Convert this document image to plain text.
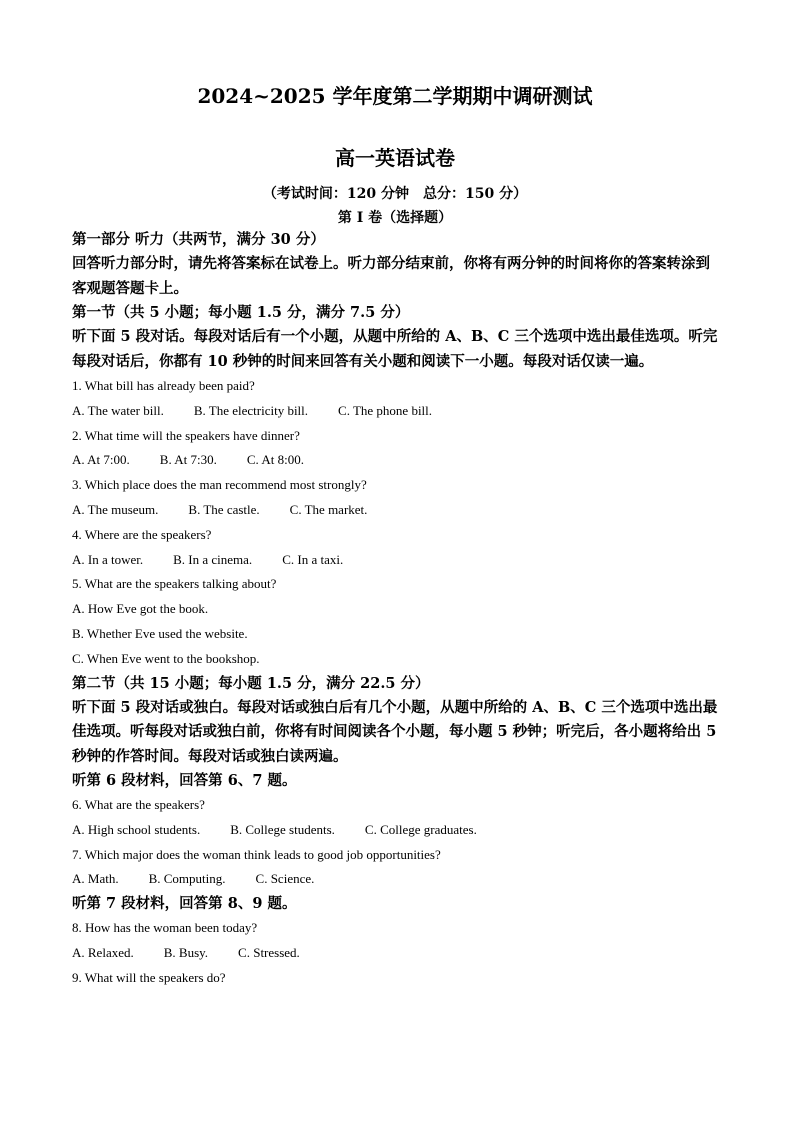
2024~2025 学年度第二学期期中调研测试

高一英语试卷

（考试时间：120 分钟　总分：150 分）

第 I 卷（选择题）

第一部分 听力（共两节，满分 30 分）

回答听力部分时，请先将答案标在试卷上。听力部分结束前，你将有两分钟的时间将你的答案转涂到客观题答题卡上。

第一节（共 5 小题；每小题 1.5 分，满分 7.5 分）

听下面 5 段对话。每段对话后有一个小题，从题中所给的 A、B、C 三个选项中选出最佳选项。听完每段对话后，你都有 10 秒钟的时间来回答有关小题和阅读下一小题。每段对话仅读一遍。

1. What bill has already been paid?

A. The water bill. B. The electricity bill. C. The phone bill.

2. What time will the speakers have dinner?

A. At 7:00. B. At 7:30. C. At 8:00.

3. Which place does the man recommend most strongly?

A. The museum. B. The castle. C. The market.

4. Where are the speakers?

A. In a tower. B. In a cinema. C. In a taxi.

5. What are the speakers talking about?

A. How Eve got the book.

B. Whether Eve used the website.

C. When Eve went to the bookshop.

第二节（共 15 小题；每小题 1.5 分，满分 22.5 分）

听下面 5 段对话或独白。每段对话或独白后有几个小题，从题中所给的 A、B、C 三个选项中选出最佳选项。听每段对话或独白前，你将有时间阅读各个小题，每小题 5 秒钟；听完后，各小题将给出 5 秒钟的作答时间。每段对话或独白读两遍。

听第 6 段材料，回答第 6、7 题。

6. What are the speakers?

A. High school students. B. College students. C. College graduates.

7. Which major does the woman think leads to good job opportunities?

A. Math. B. Computing. C. Science.

听第 7 段材料，回答第 8、9 题。

8. How has the woman been today?

A. Relaxed. B. Busy. C. Stressed.

9. What will the speakers do?
